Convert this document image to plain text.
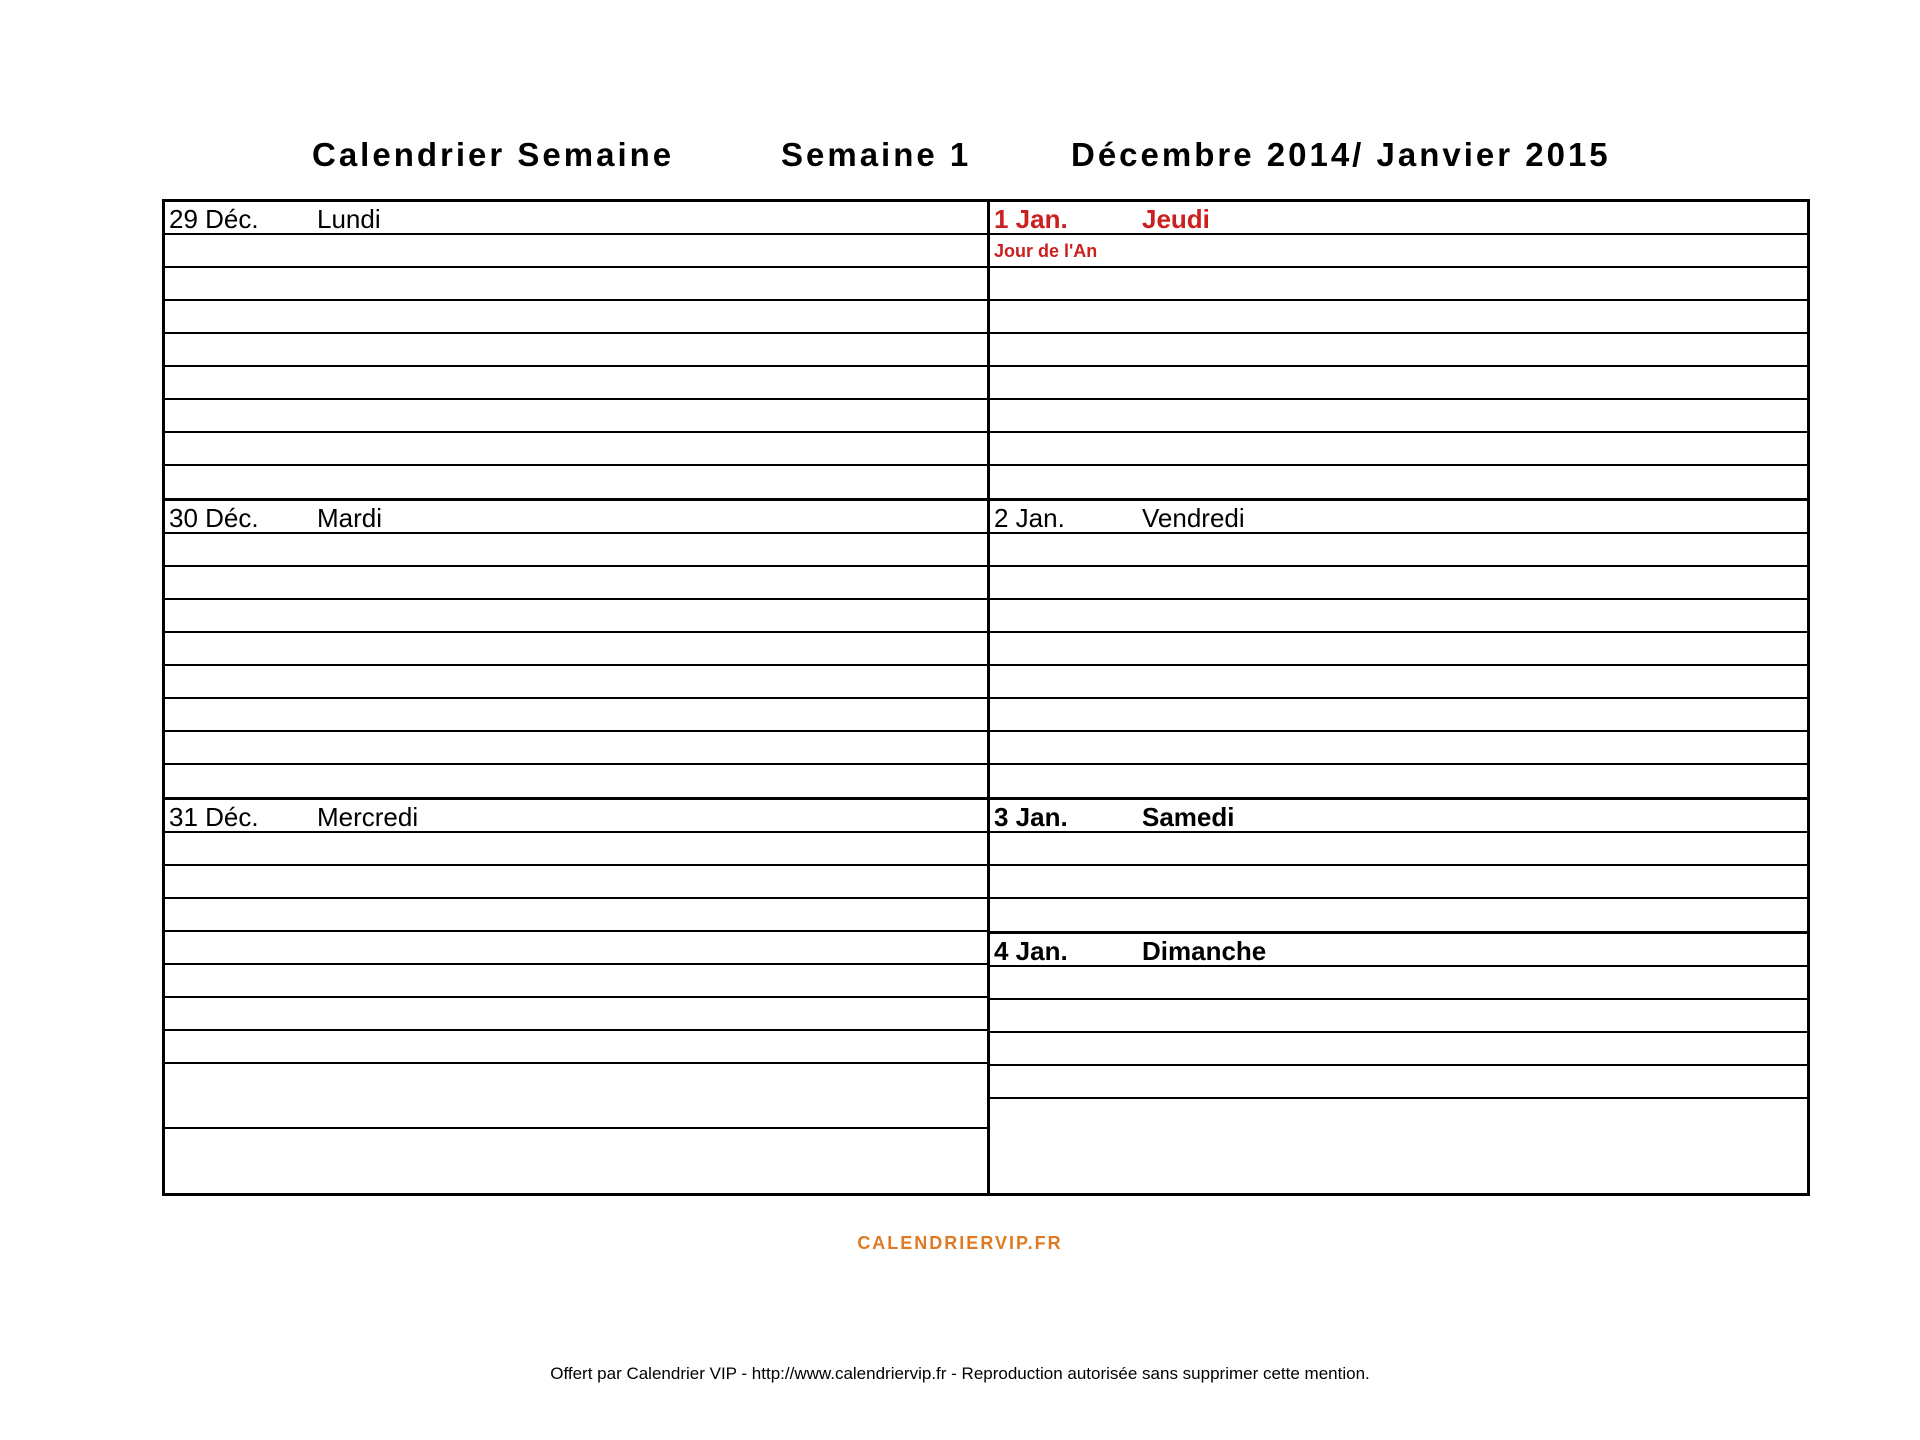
Calendrier Semaine	Semaine 1	Décembre 2014/ Janvier 2015
29 Déc. Lundi
30 Déc. Mardi
31 Déc. Mercredi
1 Jan.	Jeudi
Jour de l'An
2 Jan.	Vendredi
3 Jan.	Samedi
4 Jan.	Dimanche
CALENDRIERVIP.FR
Offert par Calendrier VIP - http://www.calendriervip.fr - Reproduction autorisée sans supprimer cette mention.
